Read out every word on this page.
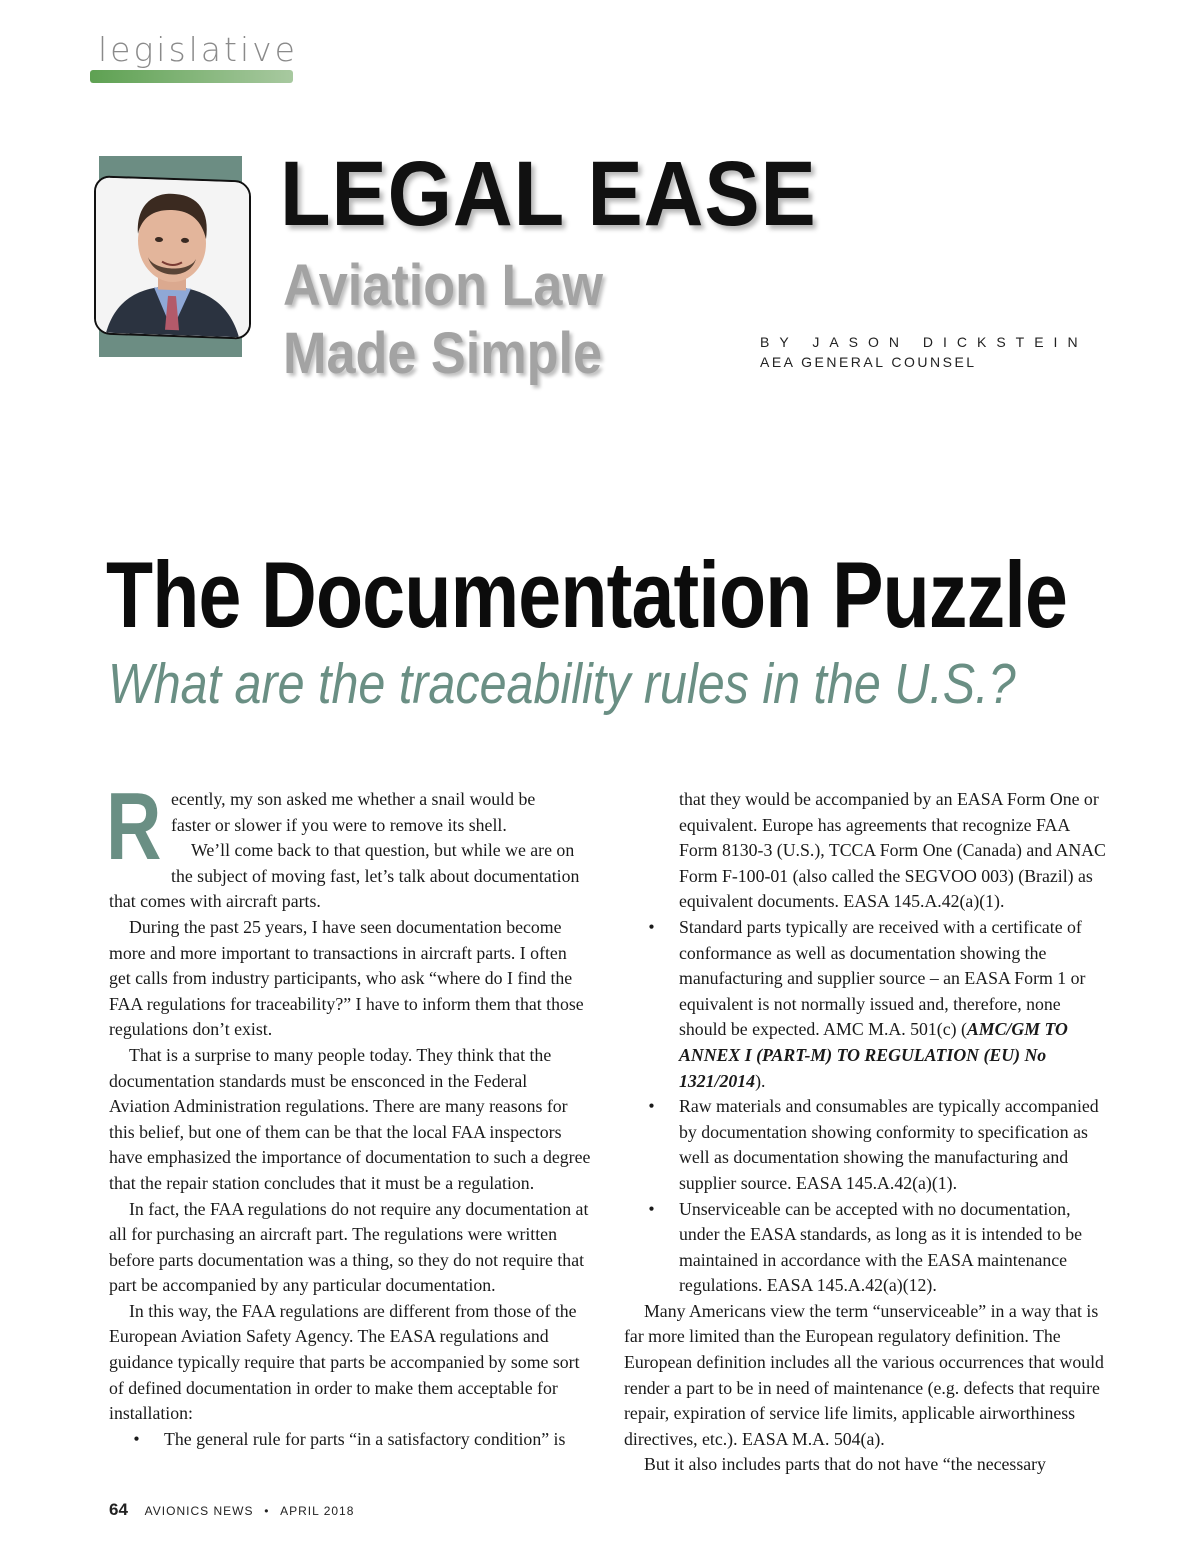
legislative
LEGAL EASE
Aviation Law
Made Simple	BY JASON DICKSTEIN
AEA GENERAL COUNSEL
The Documentation Puzzle
What are the traceability rules in the U.S.?
R ecently, my son asked me whether a snail would be

faster or slower if you were to remove its shell.

We’ll come back to that question, but while we are on the subject of moving fast, let’s talk about documentation that comes with aircraft parts.

During the past 25 years, I have seen documentation become more and more important to transactions in aircraft parts. I often get calls from industry participants, who ask “where do I find the FAA regulations for traceability?” I have to inform them that those regulations don’t exist.

That is a surprise to many people today. They think that the documentation standards must be ensconced in the Federal Aviation Administration regulations. There are many reasons for this belief, but one of them can be that the local FAA inspectors have emphasized the importance of documentation to such a degree that the repair station concludes that it must be a regulation.

In fact, the FAA regulations do not require any documentation at all for purchasing an aircraft part. The regulations were written before parts documentation was a thing, so they do not require that part be accompanied by any particular documentation.

In this way, the FAA regulations are different from those of the European Aviation Safety Agency. The EASA regulations and guidance typically require that parts be accompanied by some sort of defined documentation in order to make them acceptable for installation:

•	The general rule for parts “in a satisfactory condition” is
that they would be accompanied by an EASA Form One or equivalent. Europe has agreements that recognize FAA Form 8130-3 (U.S.), TCCA Form One (Canada) and ANAC Form F-100-01 (also called the SEGVOO 003) (Brazil) as equivalent documents. EASA 145.A.42(a)(1).
•	Standard parts typically are received with a certificate of conformance as well as documentation showing the manufacturing and supplier source – an EASA Form 1 or equivalent is not normally issued and, therefore, none should be expected. AMC M.A. 501(c) (AMC/GM TO ANNEX I (PART-M) TO REGULATION (EU) No 1321/2014).
•	Raw materials and consumables are typically accompanied by documentation showing conformity to specification as well as documentation showing the manufacturing and supplier source. EASA 145.A.42(a)(1).
•	Unserviceable can be accepted with no documentation, under the EASA standards, as long as it is intended to be maintained in accordance with the EASA maintenance regulations. EASA 145.A.42(a)(12).

Many Americans view the term “unserviceable” in a way that is far more limited than the European regulatory definition. The European definition includes all the various occurrences that would render a part to be in need of maintenance (e.g. defects that require repair, expiration of service life limits, applicable airworthiness directives, etc.). EASA M.A. 504(a).

But it also includes parts that do not have “the necessary

64 AVIONICS NEWS • APRIL 2018
